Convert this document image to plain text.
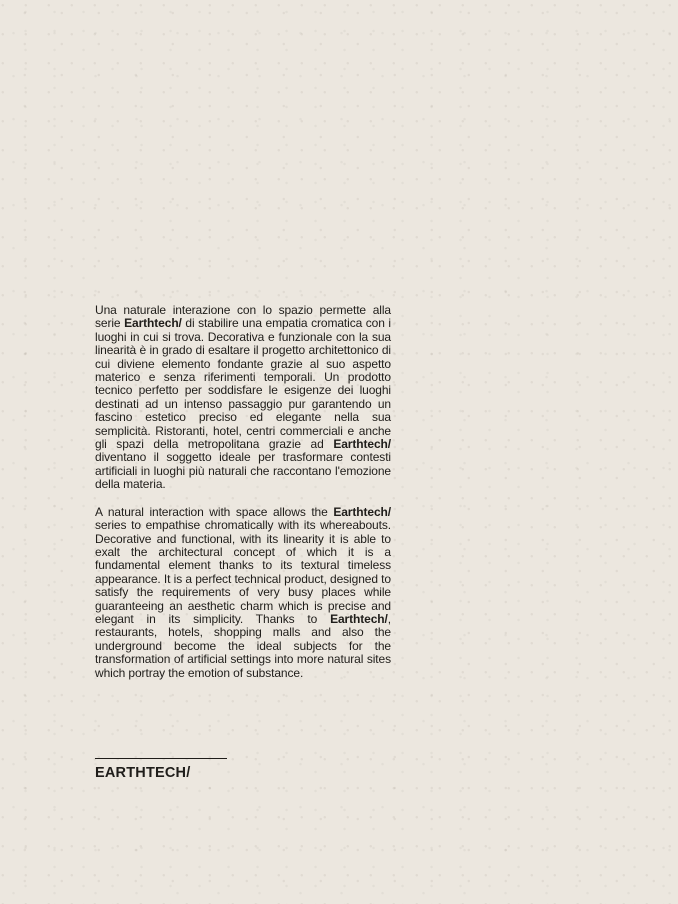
Una naturale interazione con lo spazio permette alla serie Earthtech/ di stabilire una empatia cromatica con i luoghi in cui si trova. Decorativa e funzionale con la sua linearità è in grado di esaltare il progetto architettonico di cui diviene elemento fondante grazie al suo aspetto materico e senza riferimenti temporali. Un prodotto tecnico perfetto per soddisfare le esigenze dei luoghi destinati ad un intenso passaggio pur garantendo un fascino estetico preciso ed elegante nella sua semplicità. Ristoranti, hotel, centri commerciali e anche gli spazi della metropolitana grazie ad Earthtech/ diventano il soggetto ideale per trasformare contesti artificiali in luoghi più naturali che raccontano l'emozione della materia.

A natural interaction with space allows the Earthtech/ series to empathise chromatically with its whereabouts. Decorative and functional, with its linearity it is able to exalt the architectural concept of which it is a fundamental element thanks to its textural timeless appearance. It is a perfect technical product, designed to satisfy the requirements of very busy places while guaranteeing an aesthetic charm which is precise and elegant in its simplicity. Thanks to Earthtech/, restaurants, hotels, shopping malls and also the underground become the ideal subjects for the transformation of artificial settings into more natural sites which portray the emotion of substance.

EARTHTECH/
